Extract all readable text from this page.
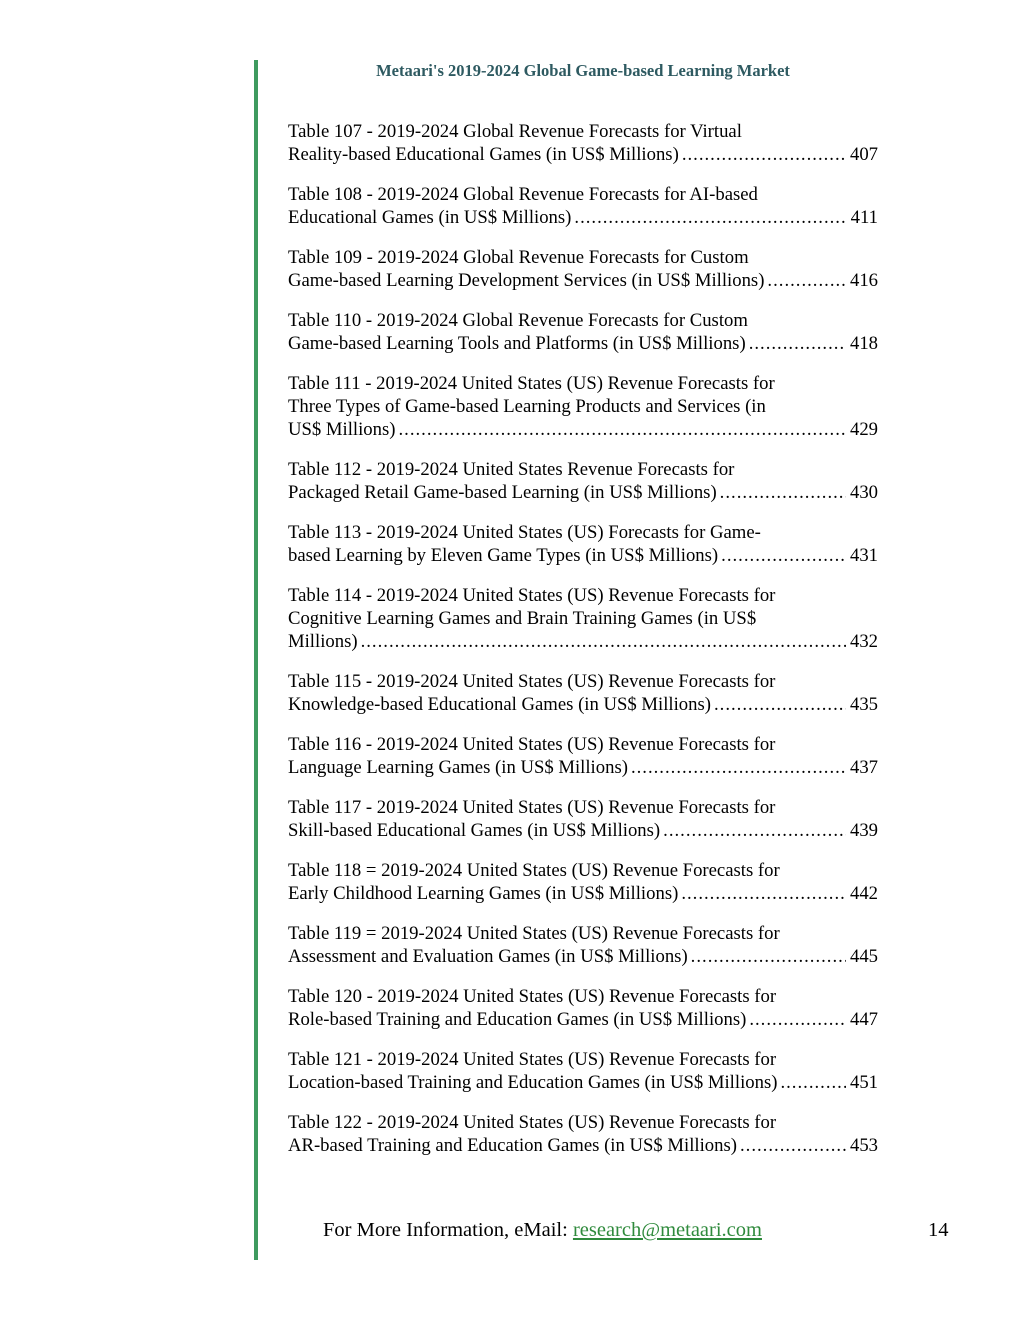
Metaari's 2019-2024 Global Game-based Learning Market
Table 107 - 2019-2024 Global Revenue Forecasts for Virtual
Reality-based Educational Games (in US$ Millions) .....	407
Table 108 - 2019-2024 Global Revenue Forecasts for AI-based
Educational Games (in US$ Millions) .....	411
Table 109 - 2019-2024 Global Revenue Forecasts for Custom
Game-based Learning Development Services (in US$ Millions) .....	416
Table 110 - 2019-2024 Global Revenue Forecasts for Custom
Game-based Learning Tools and Platforms (in US$ Millions) .....	418
Table 111 - 2019-2024 United States (US) Revenue Forecasts for
Three Types of Game-based Learning Products and Services (in
US$ Millions) .....	429
Table 112 - 2019-2024 United States Revenue Forecasts for
Packaged Retail Game-based Learning (in US$ Millions) .....	430
Table 113 - 2019-2024 United States (US) Forecasts for Game-
based Learning by Eleven Game Types (in US$ Millions) .....	431
Table 114 - 2019-2024 United States (US) Revenue Forecasts for
Cognitive Learning Games and Brain Training Games (in US$
Millions) .....	432
Table 115 - 2019-2024 United States (US) Revenue Forecasts for
Knowledge-based Educational Games (in US$ Millions) .....	435
Table 116 - 2019-2024 United States (US) Revenue Forecasts for
Language Learning Games (in US$ Millions) .....	437
Table 117 - 2019-2024 United States (US) Revenue Forecasts for
Skill-based Educational Games (in US$ Millions) .....	439
Table 118 = 2019-2024 United States (US) Revenue Forecasts for
Early Childhood Learning Games (in US$ Millions) .....	442
Table 119 = 2019-2024 United States (US) Revenue Forecasts for
Assessment and Evaluation Games (in US$ Millions) .....	445
Table 120 - 2019-2024 United States (US) Revenue Forecasts for
Role-based Training and Education Games (in US$ Millions) .....	447
Table 121 - 2019-2024 United States (US) Revenue Forecasts for
Location-based Training and Education Games (in US$ Millions) .....	451
Table 122 - 2019-2024 United States (US) Revenue Forecasts for
AR-based Training and Education Games (in US$ Millions) .....	453
For More Information, eMail: research@metaari.com	14
